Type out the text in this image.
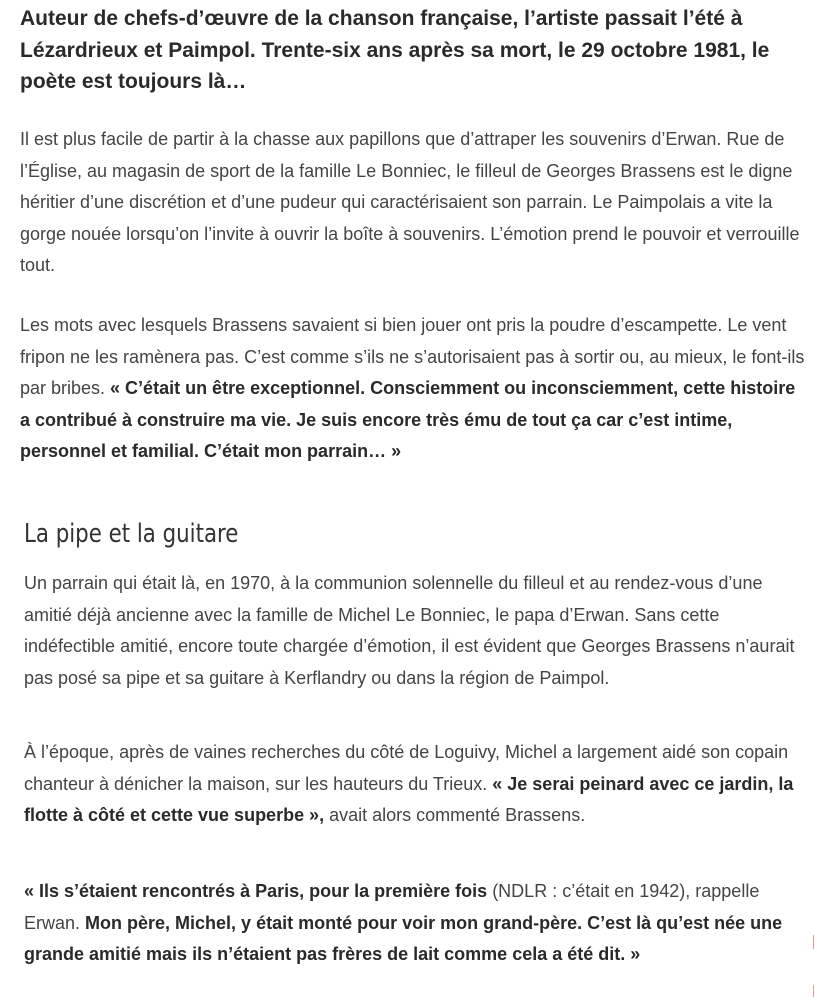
Auteur de chefs-d’œuvre de la chanson française, l’artiste passait l’été à Lézardrieux et Paimpol. Trente-six ans après sa mort, le 29 octobre 1981, le poète est toujours là…

Il est plus facile de partir à la chasse aux papillons que d’attraper les souvenirs d’Erwan. Rue de l’Église, au magasin de sport de la famille Le Bonniec, le filleul de Georges Brassens est le digne héritier d’une discrétion et d’une pudeur qui caractérisaient son parrain. Le Paimpolais a vite la gorge nouée lorsqu’on l’invite à ouvrir la boîte à souvenirs. L’émotion prend le pouvoir et verrouille tout.

Les mots avec lesquels Brassens savaient si bien jouer ont pris la poudre d’escampette. Le vent fripon ne les ramènera pas. C’est comme s’ils ne s’autorisaient pas à sortir ou, au mieux, le font-ils par bribes. « C’était un être exceptionnel. Consciemment ou inconsciemment, cette histoire a contribué à construire ma vie. Je suis encore très ému de tout ça car c’est intime, personnel et familial. C’était mon parrain… »

La pipe et la guitare

Un parrain qui était là, en 1970, à la communion solennelle du filleul et au rendez-vous d’une amitié déjà ancienne avec la famille de Michel Le Bonniec, le papa d’Erwan. Sans cette indéfectible amitié, encore toute chargée d’émotion, il est évident que Georges Brassens n’aurait pas posé sa pipe et sa guitare à Kerflandry ou dans la région de Paimpol.

À l’époque, après de vaines recherches du côté de Loguivy, Michel a largement aidé son copain chanteur à dénicher la maison, sur les hauteurs du Trieux. « Je serai peinard avec ce jardin, la flotte à côté et cette vue superbe », avait alors commenté Brassens.

« Ils s’étaient rencontrés à Paris, pour la première fois (NDLR : c’était en 1942), rappelle Erwan. Mon père, Michel, y était monté pour voir mon grand-père. C’est là qu’est née une grande amitié mais ils n’étaient pas frères de lait comme cela a été dit. »
